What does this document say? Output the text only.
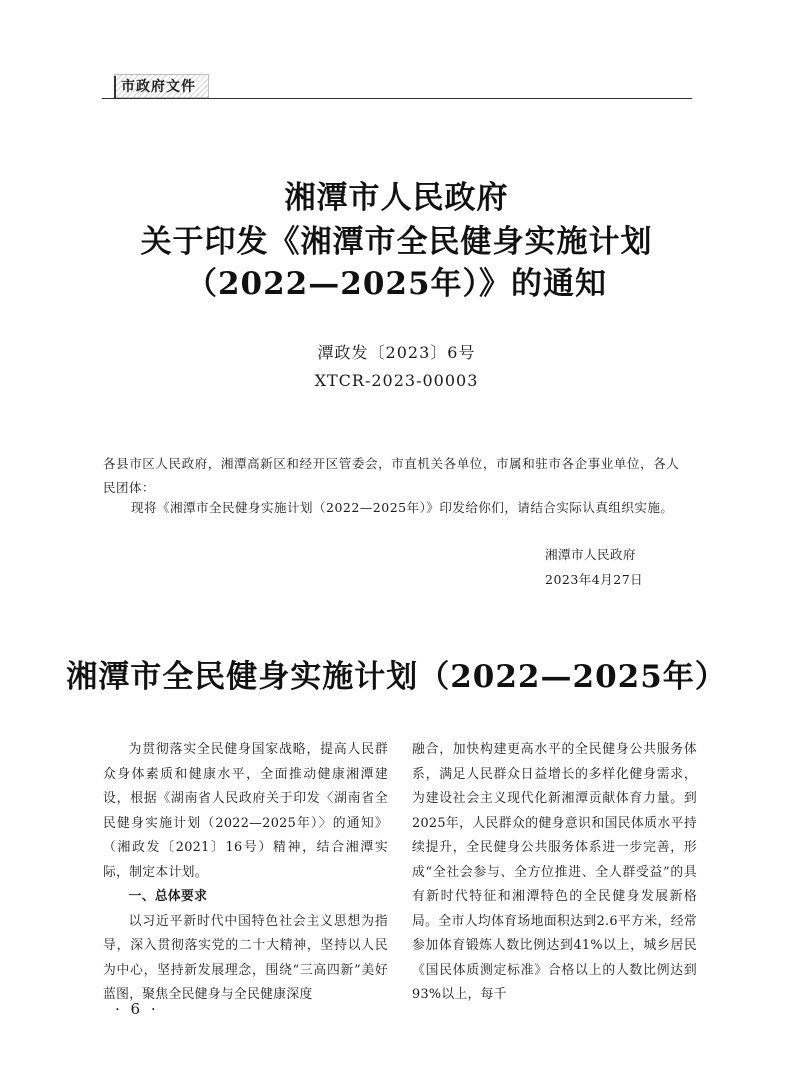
市政府文件
湘潭市人民政府
关于印发《湘潭市全民健身实施计划
（2022—2025年）》的通知
潭政发〔2023〕6号
XTCR-2023-00003
各县市区人民政府，湘潭高新区和经开区管委会，市直机关各单位，市属和驻市各企事业单位，各人
民团体：
现将《湘潭市全民健身实施计划（2022—2025年）》印发给你们，请结合实际认真组织实施。
湘潭市人民政府
2023年4月27日
湘潭市全民健身实施计划（2022—2025年）

为贯彻落实全民健身国家战略，提高人民群众身体素质和健康水平，全面推动健康湘潭建设，根据《湖南省人民政府关于印发〈湖南省全民健身实施计划（2022—2025年）〉的通知》（湘政发〔2021〕16号）精神，结合湘潭实际，制定本计划。

一、总体要求

以习近平新时代中国特色社会主义思想为指导，深入贯彻落实党的二十大精神，坚持以人民为中心，坚持新发展理念，围绕“三高四新”美好蓝图，聚焦全民健身与全民健康深度

融合，加快构建更高水平的全民健身公共服务体系，满足人民群众日益增长的多样化健身需求，为建设社会主义现代化新湘潭贡献体育力量。到2025年，人民群众的健身意识和国民体质水平持续提升，全民健身公共服务体系进一步完善，形成“全社会参与、全方位推进、全人群受益”的具有新时代特征和湘潭特色的全民健身发展新格局。全市人均体育场地面积达到2.6平方米，经常参加体育锻炼人数比例达到41%以上，城乡居民《国民体质测定标准》合格以上的人数比例达到93%以上，每千

· 6 ·
